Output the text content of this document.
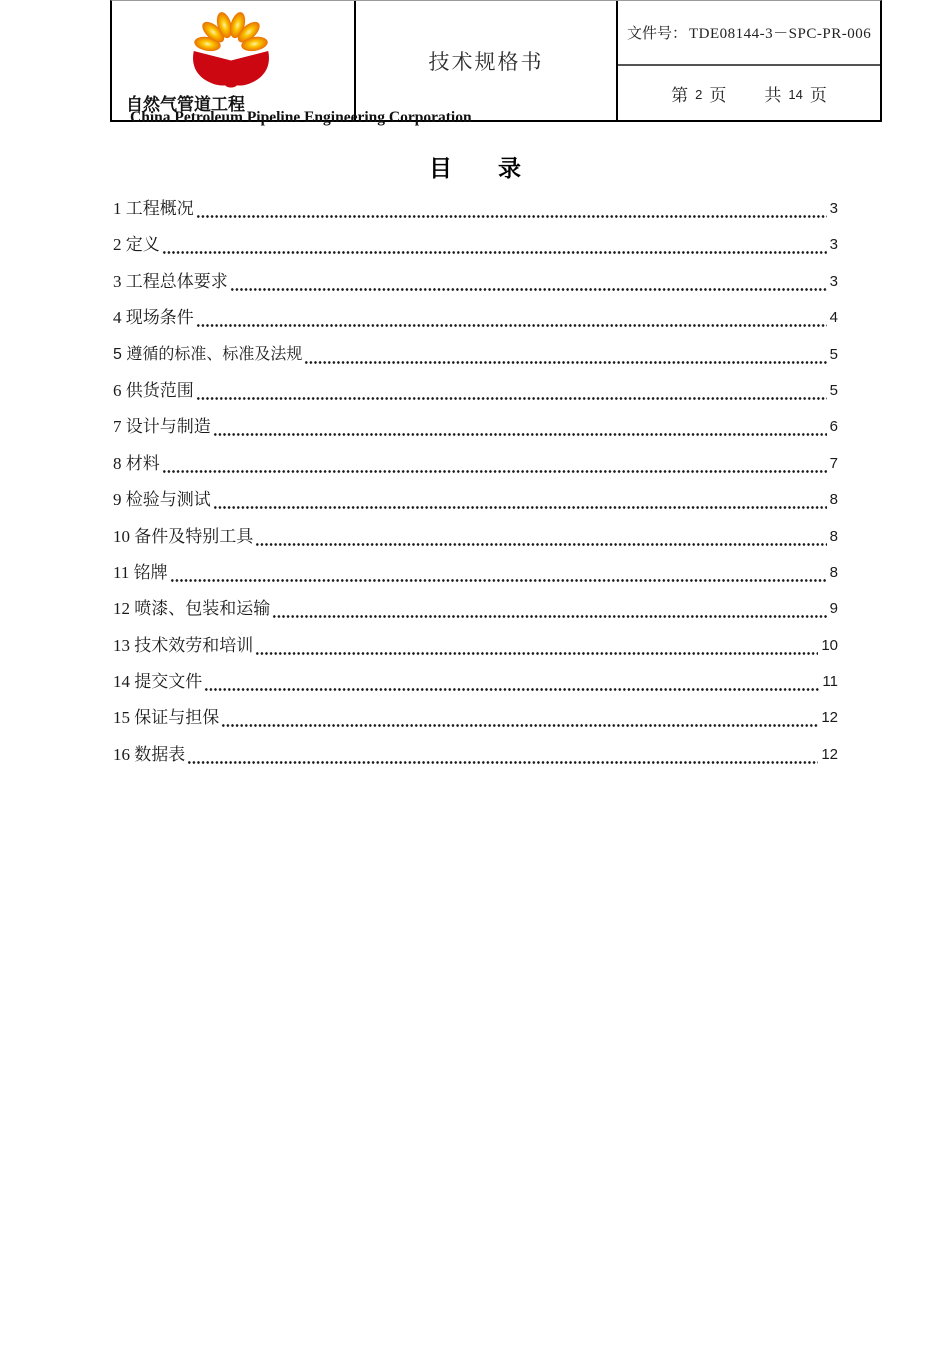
自然气管道工程
China Petroleum Pipeline Engineering Corporation
技术规格书
文件号： TDE08144-3－SPC-PR-006
第 2 页 共 14 页
目　　录
1 工程概况	3
2 定义	3
3 工程总体要求	3
4 现场条件	4
5 遵循的标准、标准及法规	5
6 供货范围	5
7 设计与制造	6
8 材料	7
9 检验与测试	8
10 备件及特别工具	8
11 铭牌	8
12 喷漆、包装和运输	9
13 技术效劳和培训	10
14 提交文件	11
15 保证与担保	12
16 数据表	12
